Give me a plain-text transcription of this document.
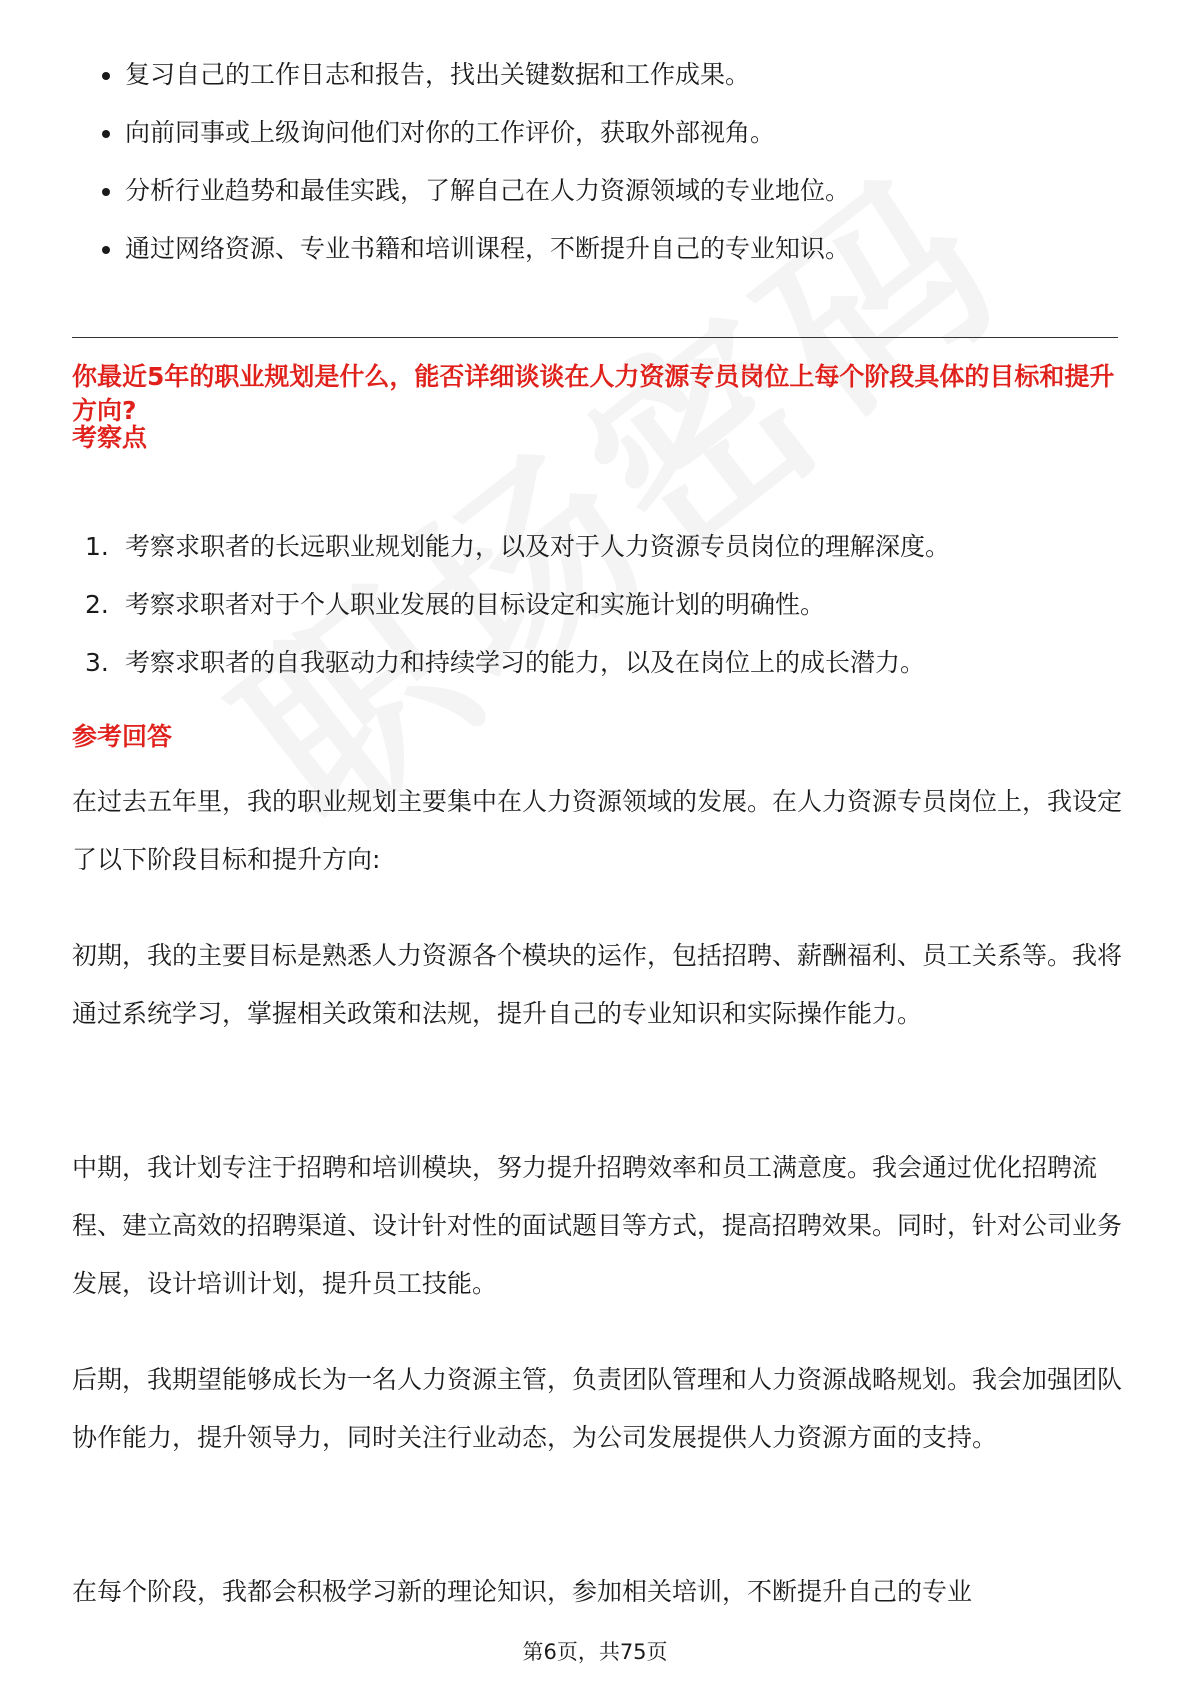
复习自己的工作日志和报告，找出关键数据和工作成果。
向前同事或上级询问他们对你的工作评价，获取外部视角。
分析行业趋势和最佳实践，了解自己在人力资源领域的专业地位。
通过网络资源、专业书籍和培训课程，不断提升自己的专业知识。
你最近5年的职业规划是什么，能否详细谈谈在人力资源专员岗位上每个阶段具体的目标和提升方向?
考察点
1. 考察求职者的长远职业规划能力，以及对于人力资源专员岗位的理解深度。
2. 考察求职者对于个人职业发展的目标设定和实施计划的明确性。
3. 考察求职者的自我驱动力和持续学习的能力，以及在岗位上的成长潜力。
参考回答

在过去五年里，我的职业规划主要集中在人力资源领域的发展。在人力资源专员岗位上，我设定了以下阶段目标和提升方向:

初期，我的主要目标是熟悉人力资源各个模块的运作，包括招聘、薪酬福利、员工关系等。我将通过系统学习，掌握相关政策和法规，提升自己的专业知识和实际操作能力。

中期，我计划专注于招聘和培训模块，努力提升招聘效率和员工满意度。我会通过优化招聘流程、建立高效的招聘渠道、设计针对性的面试题目等方式，提高招聘效果。同时，针对公司业务发展，设计培训计划，提升员工技能。

后期，我期望能够成长为一名人力资源主管，负责团队管理和人力资源战略规划。我会加强团队协作能力，提升领导力，同时关注行业动态，为公司发展提供人力资源方面的支持。

在每个阶段，我都会积极学习新的理论知识，参加相关培训，不断提升自己的专业

第6页，共75页
